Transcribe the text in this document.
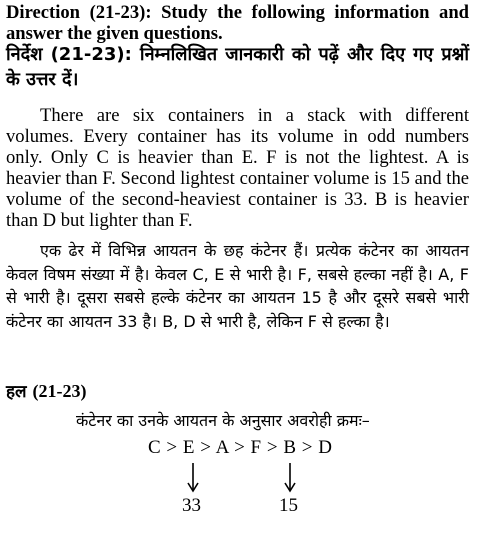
Direction (21-23): Study the following information and answer the given questions.

निर्देश (21-23): निम्नलिखित जानकारी को पढ़ें और दिए गए प्रश्नों के उत्तर दें।

There are six containers in a stack with different volumes. Every container has its volume in odd numbers only. Only C is heavier than E. F is not the lightest. A is heavier than F. Second lightest container volume is 15 and the volume of the second-heaviest container is 33. B is heavier than D but lighter than F.

एक ढेर में विभिन्न आयतन के छह कंटेनर हैं। प्रत्येक कंटेनर का आयतन केवल विषम संख्या में है। केवल C, E से भारी है। F, सबसे हल्का नहीं है। A, F से भारी है। दूसरा सबसे हल्के कंटेनर का आयतन 15 है और दूसरे सबसे भारी कंटेनर का आयतन 33 है। B, D से भारी है, लेकिन F से हल्का है।

हल (21-23)
कंटेनर का उनके आयतन के अनुसार अवरोही क्रमः–
C > E > A > F > B > D
33	15
